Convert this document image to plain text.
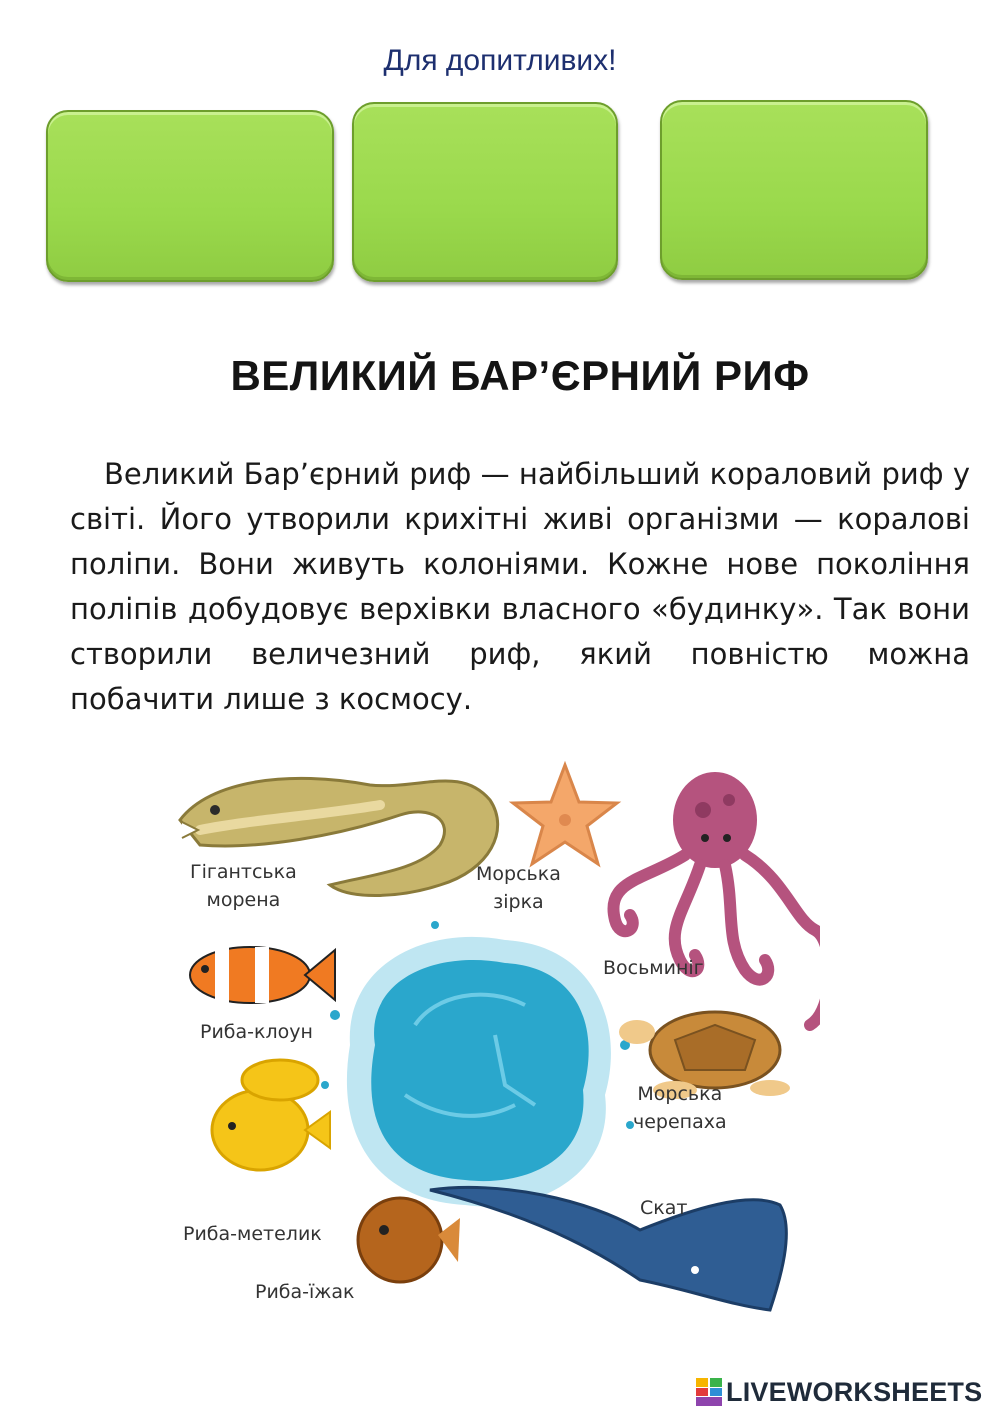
Для допитливих!
ВЕЛИКИЙ БАР’ЄРНИЙ РИФ
Великий Бар’єрний риф — найбільший кораловий риф у світі. Його утворили крихітні живі організми — коралові поліпи. Вони живуть колоніями. Кожне нове покоління поліпів добудовує верхівки власного «будинку». Так вони створили величезний риф, який повністю можна побачити лише з космосу.
Гігантська
морена
Морська
зірка
Восьминіг
Риба-клоун
Морська
черепаха
Риба-метелик
Скат
Риба-їжак
LIVEWORKSHEETS
